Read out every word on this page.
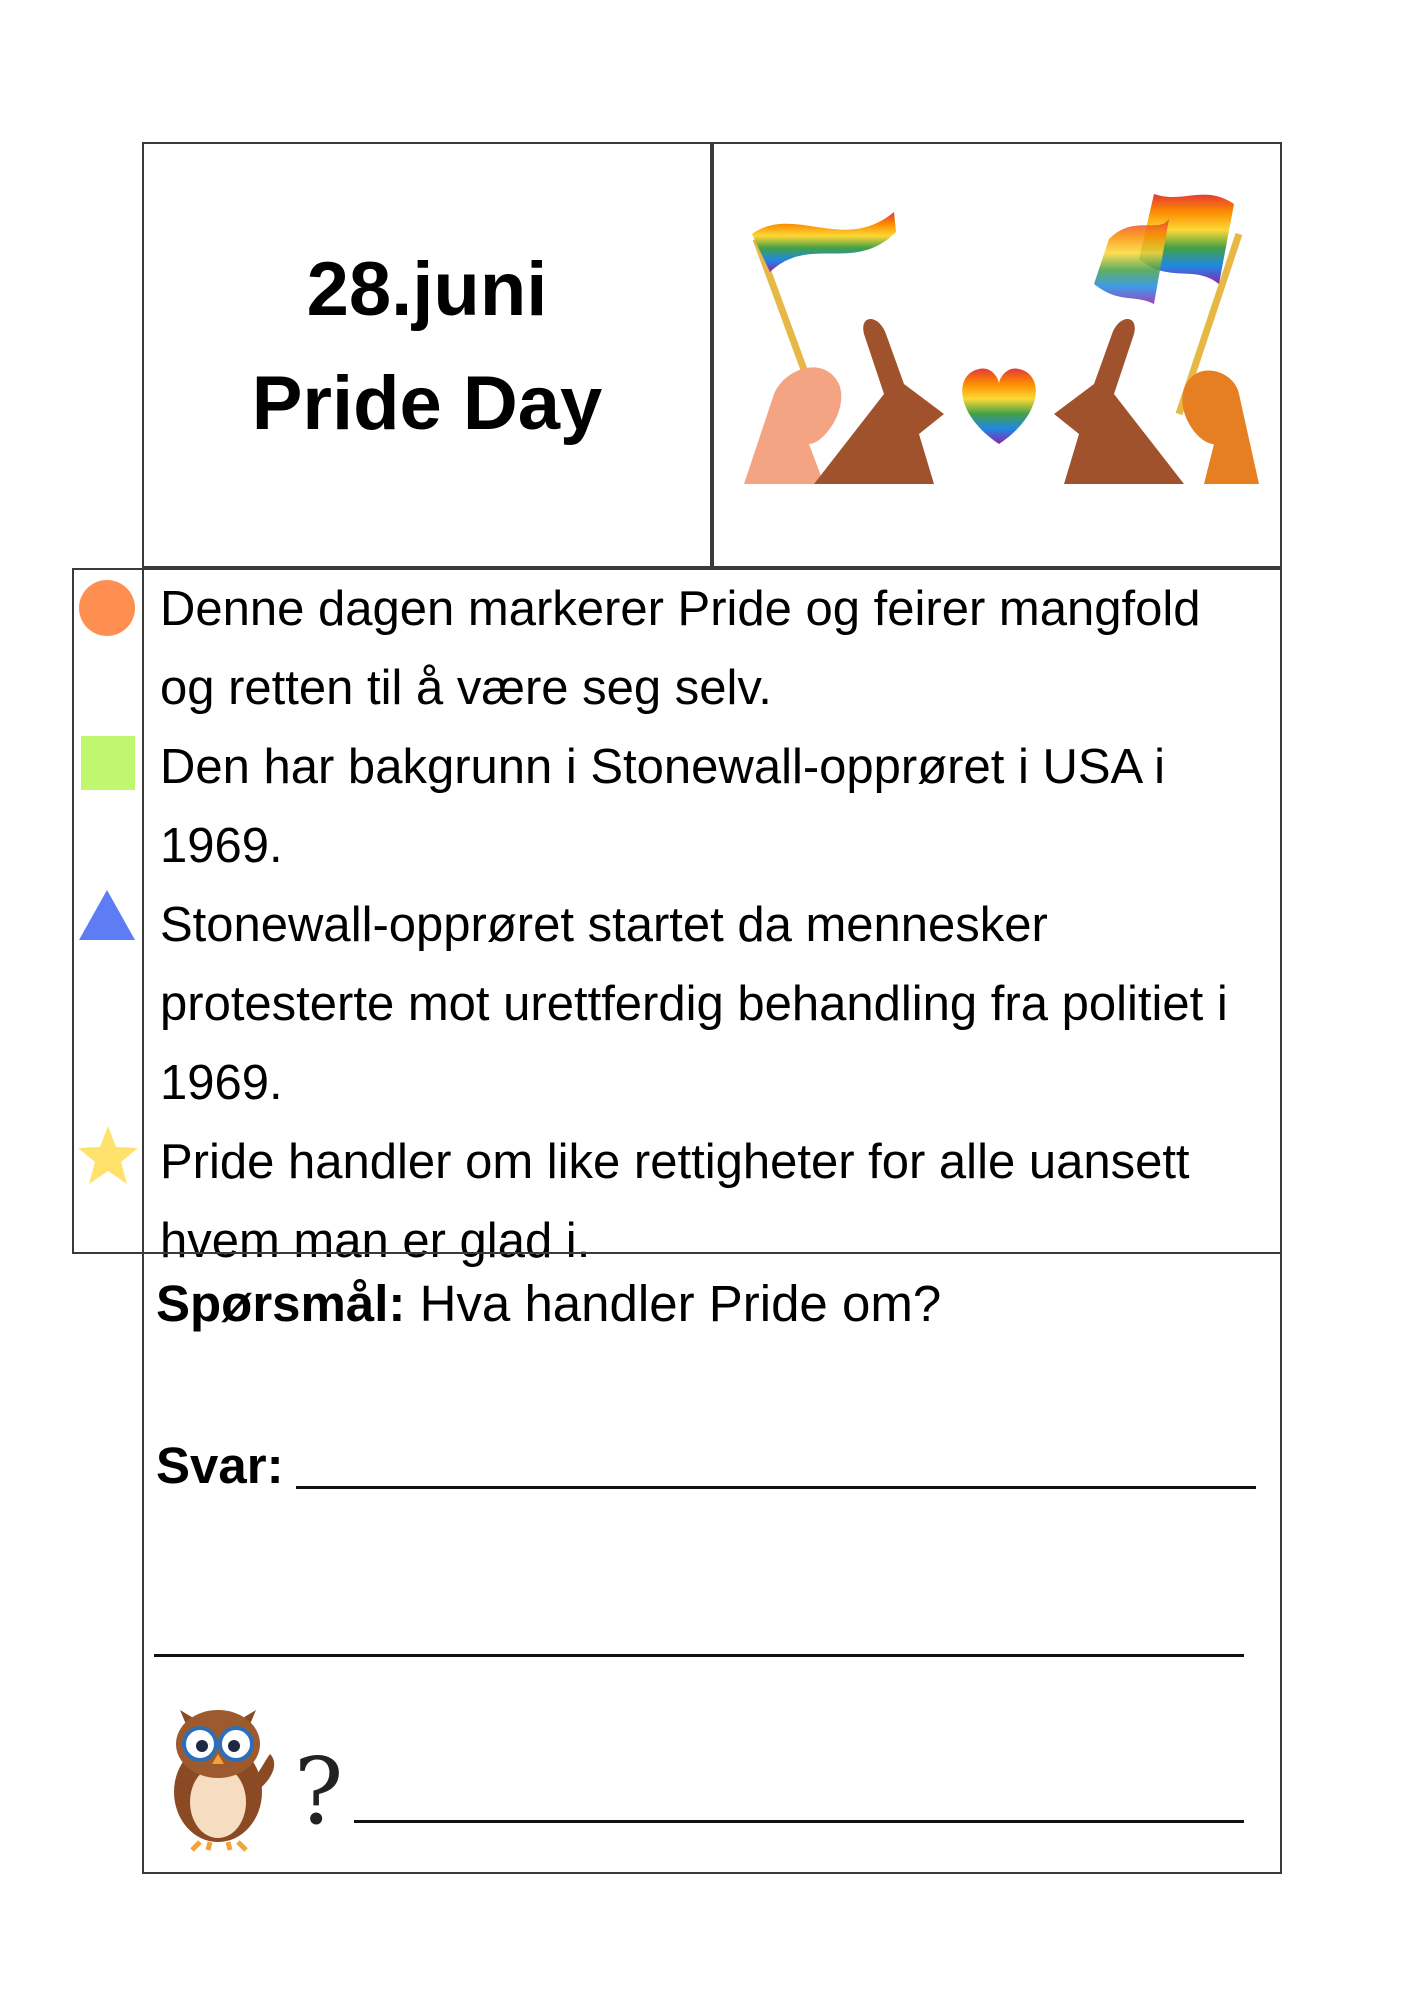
28.juni
Pride Day

Denne dagen markerer Pride og feirer mangfold og retten til å være seg selv.

Den har bakgrunn i Stonewall-opprøret i USA i 1969.

Stonewall-opprøret startet da mennesker protesterte mot urettferdig behandling fra politiet i 1969.

Pride handler om like rettigheter for alle uansett hvem man er glad i.

Spørsmål: Hva handler Pride om?
Svar:
?
